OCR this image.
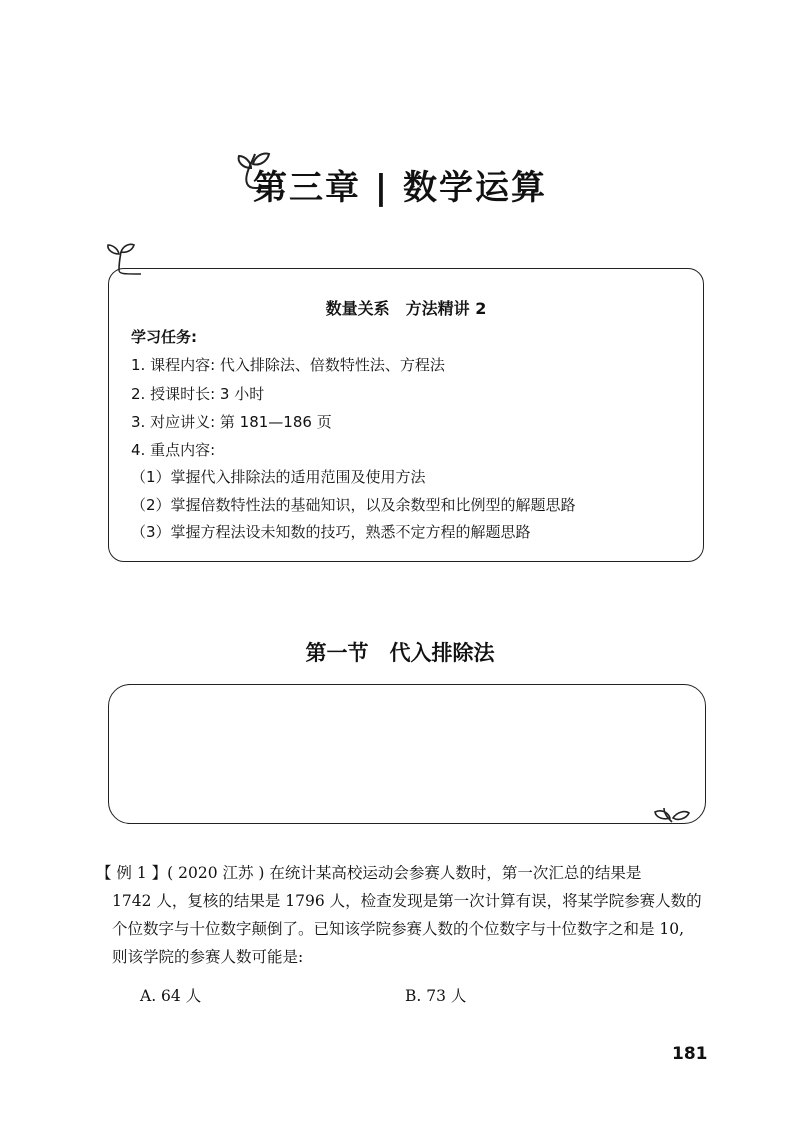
第三章 | 数学运算
数量关系　方法精讲 2
学习任务:
1. 课程内容: 代入排除法、倍数特性法、方程法
2. 授课时长: 3 小时
3. 对应讲义: 第 181—186 页
4. 重点内容:
（1）掌握代入排除法的适用范围及使用方法
（2）掌握倍数特性法的基础知识，以及余数型和比例型的解题思路
（3）掌握方程法设未知数的技巧，熟悉不定方程的解题思路
第一节　代入排除法
【 例 1 】( 2020 江苏 ) 在统计某高校运动会参赛人数时，第一次汇总的结果是
1742 人，复核的结果是 1796 人，检查发现是第一次计算有误，将某学院参赛人数的
个位数字与十位数字颠倒了。已知该学院参赛人数的个位数字与十位数字之和是 10,
则该学院的参赛人数可能是:
A. 64 人	B. 73 人
181
